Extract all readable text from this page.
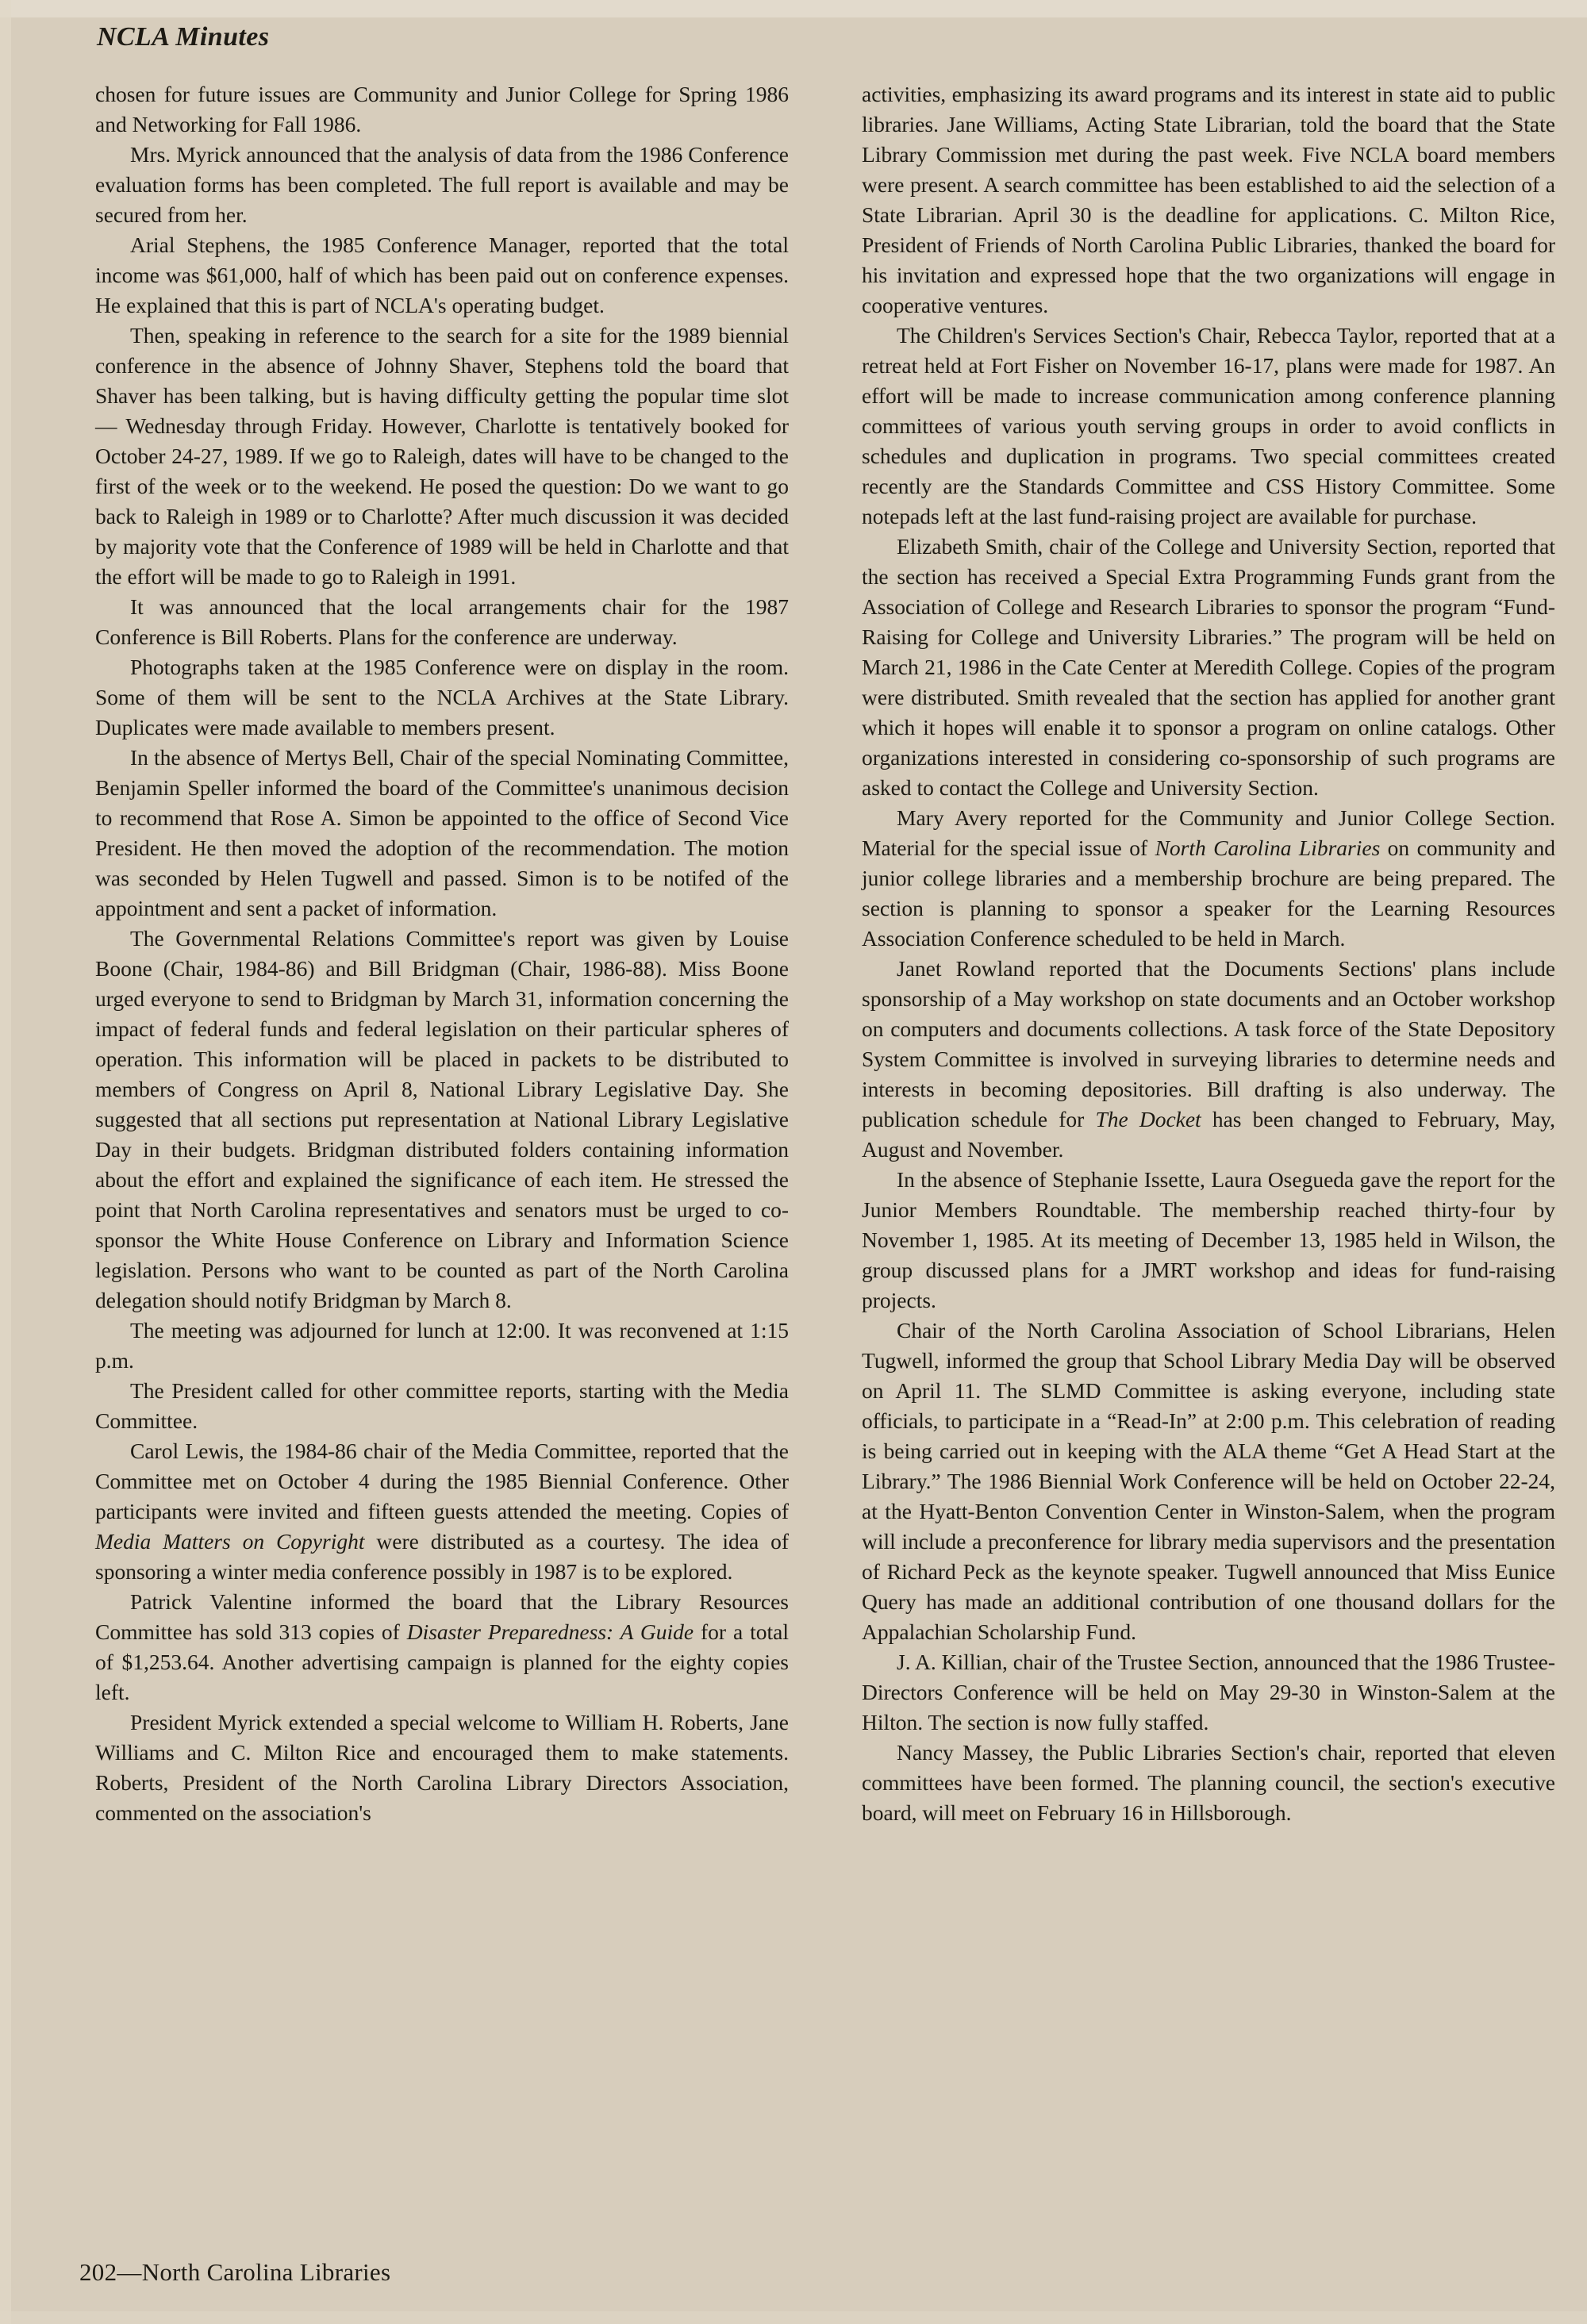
NCLA Minutes

chosen for future issues are Community and Junior College for Spring 1986 and Networking for Fall 1986.

Mrs. Myrick announced that the analysis of data from the 1986 Conference evaluation forms has been completed. The full report is available and may be secured from her.

Arial Stephens, the 1985 Conference Manager, reported that the total income was $61,000, half of which has been paid out on conference expenses. He explained that this is part of NCLA's operating budget.

Then, speaking in reference to the search for a site for the 1989 biennial conference in the absence of Johnny Shaver, Stephens told the board that Shaver has been talking, but is having difficulty getting the popular time slot — Wednesday through Friday. However, Charlotte is tentatively booked for October 24-27, 1989. If we go to Raleigh, dates will have to be changed to the first of the week or to the weekend. He posed the question: Do we want to go back to Raleigh in 1989 or to Charlotte? After much discussion it was decided by majority vote that the Conference of 1989 will be held in Charlotte and that the effort will be made to go to Raleigh in 1991.

It was announced that the local arrangements chair for the 1987 Conference is Bill Roberts. Plans for the conference are underway.

Photographs taken at the 1985 Conference were on display in the room. Some of them will be sent to the NCLA Archives at the State Library. Duplicates were made available to members present.

In the absence of Mertys Bell, Chair of the special Nominating Committee, Benjamin Speller informed the board of the Committee's unanimous decision to recommend that Rose A. Simon be appointed to the office of Second Vice President. He then moved the adoption of the recommendation. The motion was seconded by Helen Tugwell and passed. Simon is to be notifed of the appointment and sent a packet of information.

The Governmental Relations Committee's report was given by Louise Boone (Chair, 1984-86) and Bill Bridgman (Chair, 1986-88). Miss Boone urged everyone to send to Bridgman by March 31, information concerning the impact of federal funds and federal legislation on their particular spheres of operation. This information will be placed in packets to be distributed to members of Congress on April 8, National Library Legislative Day. She suggested that all sections put representation at National Library Legislative Day in their budgets. Bridgman distributed folders containing information about the effort and explained the significance of each item. He stressed the point that North Carolina representatives and senators must be urged to co-sponsor the White House Conference on Library and Information Science legislation. Persons who want to be counted as part of the North Carolina delegation should notify Bridgman by March 8.

The meeting was adjourned for lunch at 12:00. It was reconvened at 1:15 p.m.

The President called for other committee reports, starting with the Media Committee.

Carol Lewis, the 1984-86 chair of the Media Committee, reported that the Committee met on October 4 during the 1985 Biennial Conference. Other participants were invited and fifteen guests attended the meeting. Copies of Media Matters on Copyright were distributed as a courtesy. The idea of sponsoring a winter media conference possibly in 1987 is to be explored.

Patrick Valentine informed the board that the Library Resources Committee has sold 313 copies of Disaster Preparedness: A Guide for a total of $1,253.64. Another advertising campaign is planned for the eighty copies left.

President Myrick extended a special welcome to William H. Roberts, Jane Williams and C. Milton Rice and encouraged them to make statements. Roberts, President of the North Carolina Library Directors Association, commented on the association's

activities, emphasizing its award programs and its interest in state aid to public libraries. Jane Williams, Acting State Librarian, told the board that the State Library Commission met during the past week. Five NCLA board members were present. A search committee has been established to aid the selection of a State Librarian. April 30 is the deadline for applications. C. Milton Rice, President of Friends of North Carolina Public Libraries, thanked the board for his invitation and expressed hope that the two organizations will engage in cooperative ventures.

The Children's Services Section's Chair, Rebecca Taylor, reported that at a retreat held at Fort Fisher on November 16-17, plans were made for 1987. An effort will be made to increase communication among conference planning committees of various youth serving groups in order to avoid conflicts in schedules and duplication in programs. Two special committees created recently are the Standards Committee and CSS History Committee. Some notepads left at the last fund-raising project are available for purchase.

Elizabeth Smith, chair of the College and University Section, reported that the section has received a Special Extra Programming Funds grant from the Association of College and Research Libraries to sponsor the program “Fund-Raising for College and University Libraries.” The program will be held on March 21, 1986 in the Cate Center at Meredith College. Copies of the program were distributed. Smith revealed that the section has applied for another grant which it hopes will enable it to sponsor a program on online catalogs. Other organizations interested in considering co-sponsorship of such programs are asked to contact the College and University Section.

Mary Avery reported for the Community and Junior College Section. Material for the special issue of North Carolina Libraries on community and junior college libraries and a membership brochure are being prepared. The section is planning to sponsor a speaker for the Learning Resources Association Conference scheduled to be held in March.

Janet Rowland reported that the Documents Sections' plans include sponsorship of a May workshop on state documents and an October workshop on computers and documents collections. A task force of the State Depository System Committee is involved in surveying libraries to determine needs and interests in becoming depositories. Bill drafting is also underway. The publication schedule for The Docket has been changed to February, May, August and November.

In the absence of Stephanie Issette, Laura Osegueda gave the report for the Junior Members Roundtable. The membership reached thirty-four by November 1, 1985. At its meeting of December 13, 1985 held in Wilson, the group discussed plans for a JMRT workshop and ideas for fund-raising projects.

Chair of the North Carolina Association of School Librarians, Helen Tugwell, informed the group that School Library Media Day will be observed on April 11. The SLMD Committee is asking everyone, including state officials, to participate in a “Read-In” at 2:00 p.m. This celebration of reading is being carried out in keeping with the ALA theme “Get A Head Start at the Library.” The 1986 Biennial Work Conference will be held on October 22-24, at the Hyatt-Benton Convention Center in Winston-Salem, when the program will include a preconference for library media supervisors and the presentation of Richard Peck as the keynote speaker. Tugwell announced that Miss Eunice Query has made an additional contribution of one thousand dollars for the Appalachian Scholarship Fund.

J. A. Killian, chair of the Trustee Section, announced that the 1986 Trustee-Directors Conference will be held on May 29-30 in Winston-Salem at the Hilton. The section is now fully staffed.

Nancy Massey, the Public Libraries Section's chair, reported that eleven committees have been formed. The planning council, the section's executive board, will meet on February 16 in Hillsborough.

202—North Carolina Libraries
